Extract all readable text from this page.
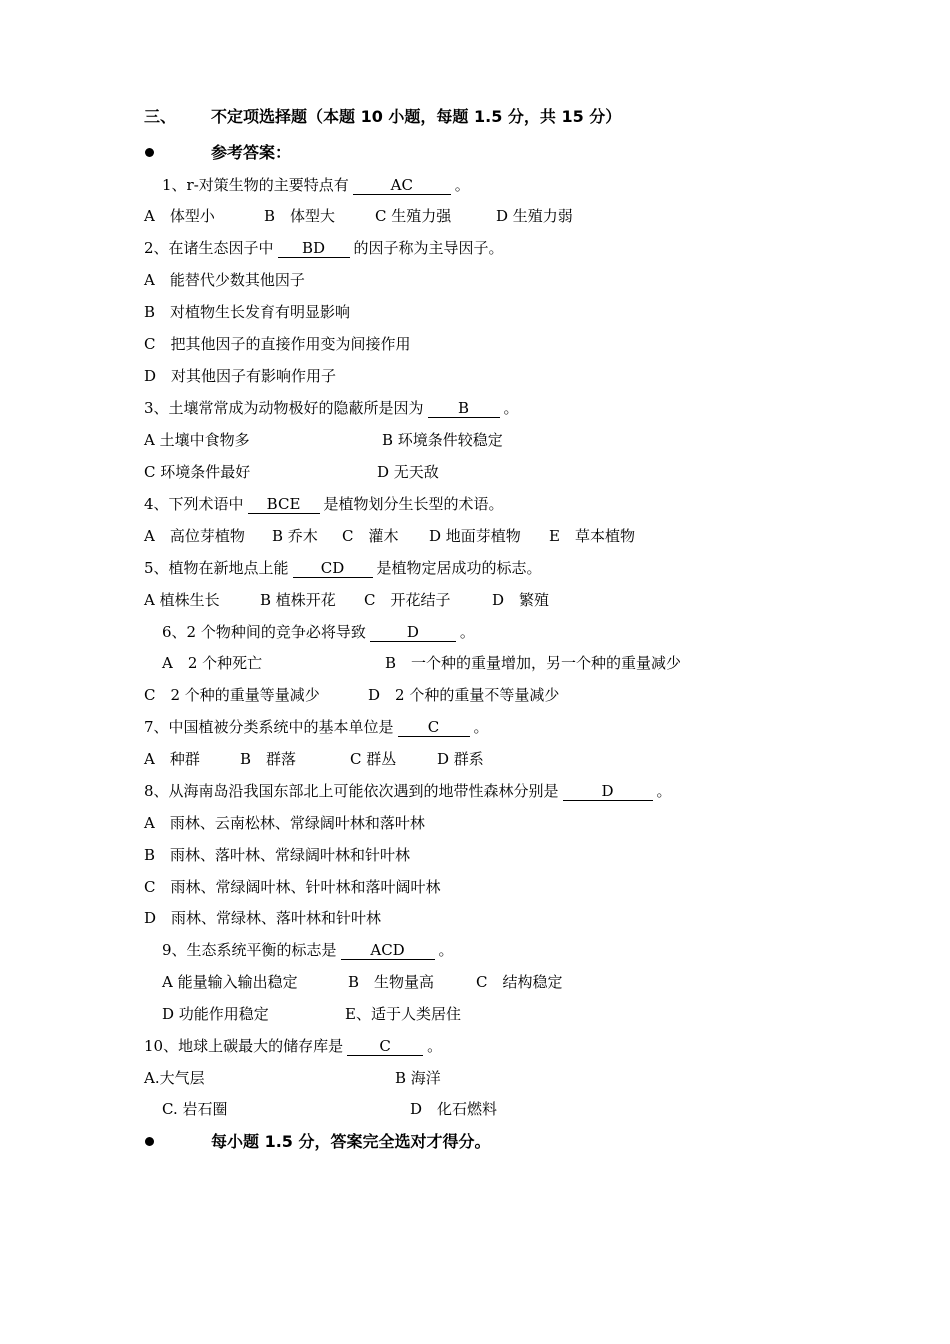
三、 不定项选择题（本题 10 小题，每题 1.5 分，共 15 分）
参考答案：
1、r-对策生物的主要特点有	AC	。
A　体型小	B　体型大	C 生殖力强	D 生殖力弱
2、在诸生态因子中 BD 的因子称为主导因子。
A　能替代少数其他因子
B　对植物生长发育有明显影响
C　把其他因子的直接作用变为间接作用
D　对其他因子有影响作用子
3、土壤常常成为动物极好的隐蔽所是因为 B 。
A 土壤中食物多	B 环境条件较稳定
C 环境条件最好	D 无天敌
4、下列术语中 BCE 是植物划分生长型的术语。
A　高位芽植物 B 乔木 C　灌木 D 地面芽植物 E　草本植物
5、植物在新地点上能 CD 是植物定居成功的标志。
A 植株生长	B 植株开花 C　开花结子	D　繁殖
6、2 个物种间的竞争必将导致	D	。
A　2 个种死亡	B　一个种的重量增加，另一个种的重量减少
C　2 个种的重量等量减少	D　2 个种的重量不等量减少
7、中国植被分类系统中的基本单位是 C 。
A　种群	B　群落	C 群丛	D 群系
8、从海南岛沿我国东部北上可能依次遇到的地带性森林分别是	D	。
A　雨林、云南松林、常绿阔叶林和落叶林
B　雨林、落叶林、常绿阔叶林和针叶林
C　雨林、常绿阔叶林、针叶林和落叶阔叶林
D　雨林、常绿林、落叶林和针叶林
9、生态系统平衡的标志是 ACD 。
A 能量输入输出稳定	B　生物量高	C　结构稳定
D 功能作用稳定	E、适于人类居住
10、地球上碳最大的储存库是 C 。
A.大气层	B 海洋
C. 岩石圈	D　化石燃料
每小题 1.5 分，答案完全选对才得分。
